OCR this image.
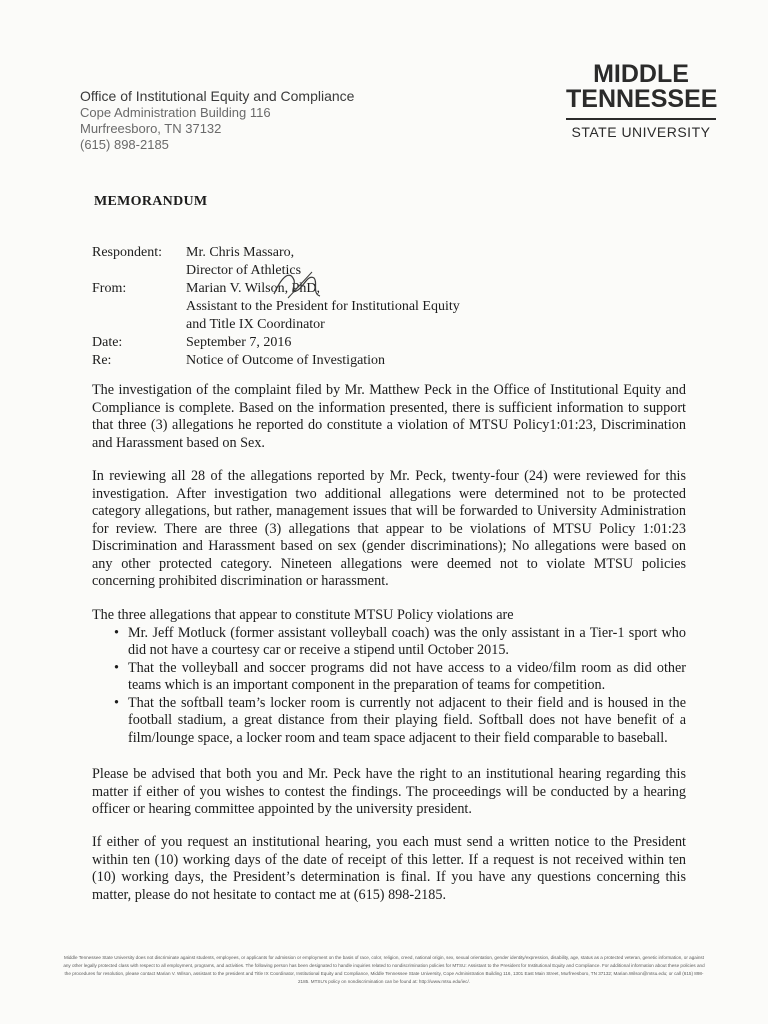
Office of Institutional Equity and Compliance
Cope Administration Building 116
Murfreesboro, TN 37132
(615) 898-2185
MIDDLE
TENNESSEE
STATE UNIVERSITY
MEMORANDUM
Respondent:	Mr. Chris Massaro,
Director of Athletics
From:	Marian V. Wilson, PhD,
Assistant to the President for Institutional Equity
and Title IX Coordinator
Date:	September 7, 2016
Re:	Notice of Outcome of Investigation

The investigation of the complaint filed by Mr. Matthew Peck in the Office of Institutional Equity and Compliance is complete. Based on the information presented, there is sufficient information to support that three (3) allegations he reported do constitute a violation of MTSU Policy1:01:23, Discrimination and Harassment based on Sex.

In reviewing all 28 of the allegations reported by Mr. Peck, twenty-four (24) were reviewed for this investigation. After investigation two additional allegations were determined not to be protected category allegations, but rather, management issues that will be forwarded to University Administration for review. There are three (3) allegations that appear to be violations of MTSU Policy 1:01:23 Discrimination and Harassment based on sex (gender discriminations); No allegations were based on any other protected category. Nineteen allegations were deemed not to violate MTSU policies concerning prohibited discrimination or harassment.

The three allegations that appear to constitute MTSU Policy violations are

• Mr. Jeff Motluck (former assistant volleyball coach) was the only assistant in a Tier-1 sport who did not have a courtesy car or receive a stipend until October 2015.
• That the volleyball and soccer programs did not have access to a video/film room as did other teams which is an important component in the preparation of teams for competition.
• That the softball team’s locker room is currently not adjacent to their field and is housed in the football stadium, a great distance from their playing field. Softball does not have benefit of a film/lounge space, a locker room and team space adjacent to their field comparable to baseball.

Please be advised that both you and Mr. Peck have the right to an institutional hearing regarding this matter if either of you wishes to contest the findings. The proceedings will be conducted by a hearing officer or hearing committee appointed by the university president.

If either of you request an institutional hearing, you each must send a written notice to the President within ten (10) working days of the date of receipt of this letter. If a request is not received within ten (10) working days, the President’s determination is final. If you have any questions concerning this matter, please do not hesitate to contact me at (615) 898-2185.

Middle Tennessee State University does not discriminate against students, employees, or applicants for admission or employment on the basis of race, color, religion, creed, national origin, sex, sexual orientation, gender identity/expression, disability, age, status as a protected veteran, genetic information, or against any other legally protected class with respect to all employment, programs, and activities. The following person has been designated to handle inquiries related to nondiscrimination policies for MTSU: Assistant to the President for Institutional Equity and Compliance. For additional information about these policies and the procedures for resolution, please contact Marian V. Wilson, assistant to the president and Title IX Coordinator, Institutional Equity and Compliance, Middle Tennessee State University, Cope Administration Building 116, 1301 East Main Street, Murfreesboro, TN 37132; Marian.Wilson@mtsu.edu; or call (615) 898-2185. MTSU’s policy on nondiscrimination can be found at: http://www.mtsu.edu/iec/.
